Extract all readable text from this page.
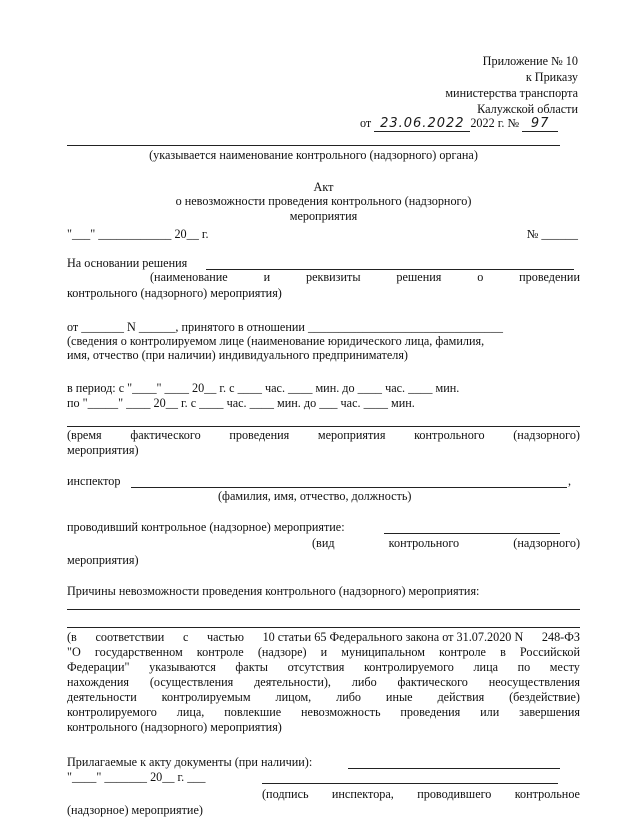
Приложение № 10
к Приказу
министерства транспорта
Калужской области
от 23.06.2022 2022 г. № 97
(указывается наименование контрольного (надзорного) органа)
Акт
о невозможности проведения контрольного (надзорного)
мероприятия
"___" ____________ 20__ г.	№ ______
На основании решения
(наименование	и	реквизиты	решения	о	проведении
контрольного (надзорного) мероприятия)
от _______ N ______, принятого в отношении ________________________________
(сведения о контролируемом лице (наименование юридического лица, фамилия,
имя, отчество (при наличии) индивидуального предпринимателя)
в период: с "____" ____ 20__ г. с ____ час. ____ мин. до ____ час. ____ мин.
по "_____" ____ 20__ г. с ____ час. ____ мин. до ___ час. ____ мин.
(время фактического проведения мероприятия контрольного (надзорного)
мероприятия)
инспектор	,
(фамилия, имя, отчество, должность)
проводивший контрольное (надзорное) мероприятие:
(вид	контрольного	(надзорного)
мероприятия)
Причины невозможности проведения контрольного (надзорного) мероприятия:
(в соответствии с частью 10 статьи 65 Федерального закона от 31.07.2020 N 248-ФЗ
"О государственном контроле (надзоре) и муниципальном контроле в Российской
Федерации" указываются факты отсутствия контролируемого лица по месту
нахождения (осуществления деятельности), либо фактического неосуществления
деятельности контролируемым лицом, либо иные действия (бездействие)
контролируемого лица, повлекшие невозможность проведения или завершения
контрольного (надзорного) мероприятия)
Прилагаемые к акту документы (при наличии):
"____" _______ 20__ г. ___
(подпись инспектора, проводившего контрольное
(надзорное) мероприятие)
